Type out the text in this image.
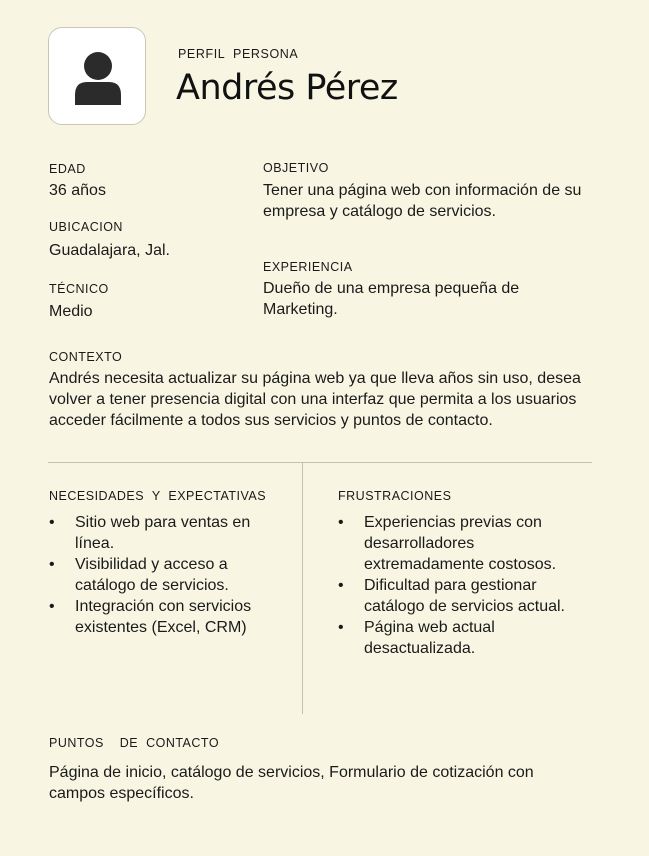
PERFIL  PERSONA
Andrés Pérez
EDAD
36 años
UBICACION
Guadalajara, Jal.
TÉCNICO
Medio
OBJETIVO
Tener una página web con información de su empresa y catálogo de servicios.
EXPERIENCIA
Dueño de una empresa pequeña de Marketing.
CONTEXTO
Andrés necesita actualizar su página web ya que lleva años sin uso, desea volver a tener presencia digital con una interfaz que permita a los usuarios acceder fácilmente a todos sus servicios y puntos de contacto.
NECESIDADES  Y  EXPECTATIVAS
• Sitio web para ventas en línea.
• Visibilidad y acceso a catálogo de servicios.
• Integración con servicios existentes (Excel, CRM)
FRUSTRACIONES
• Experiencias previas con desarrolladores extremadamente costosos.
• Dificultad para gestionar catálogo de servicios actual.
• Página web actual desactualizada.
PUNTOS    DE  CONTACTO
Página de inicio, catálogo de servicios, Formulario de cotización con campos específicos.
